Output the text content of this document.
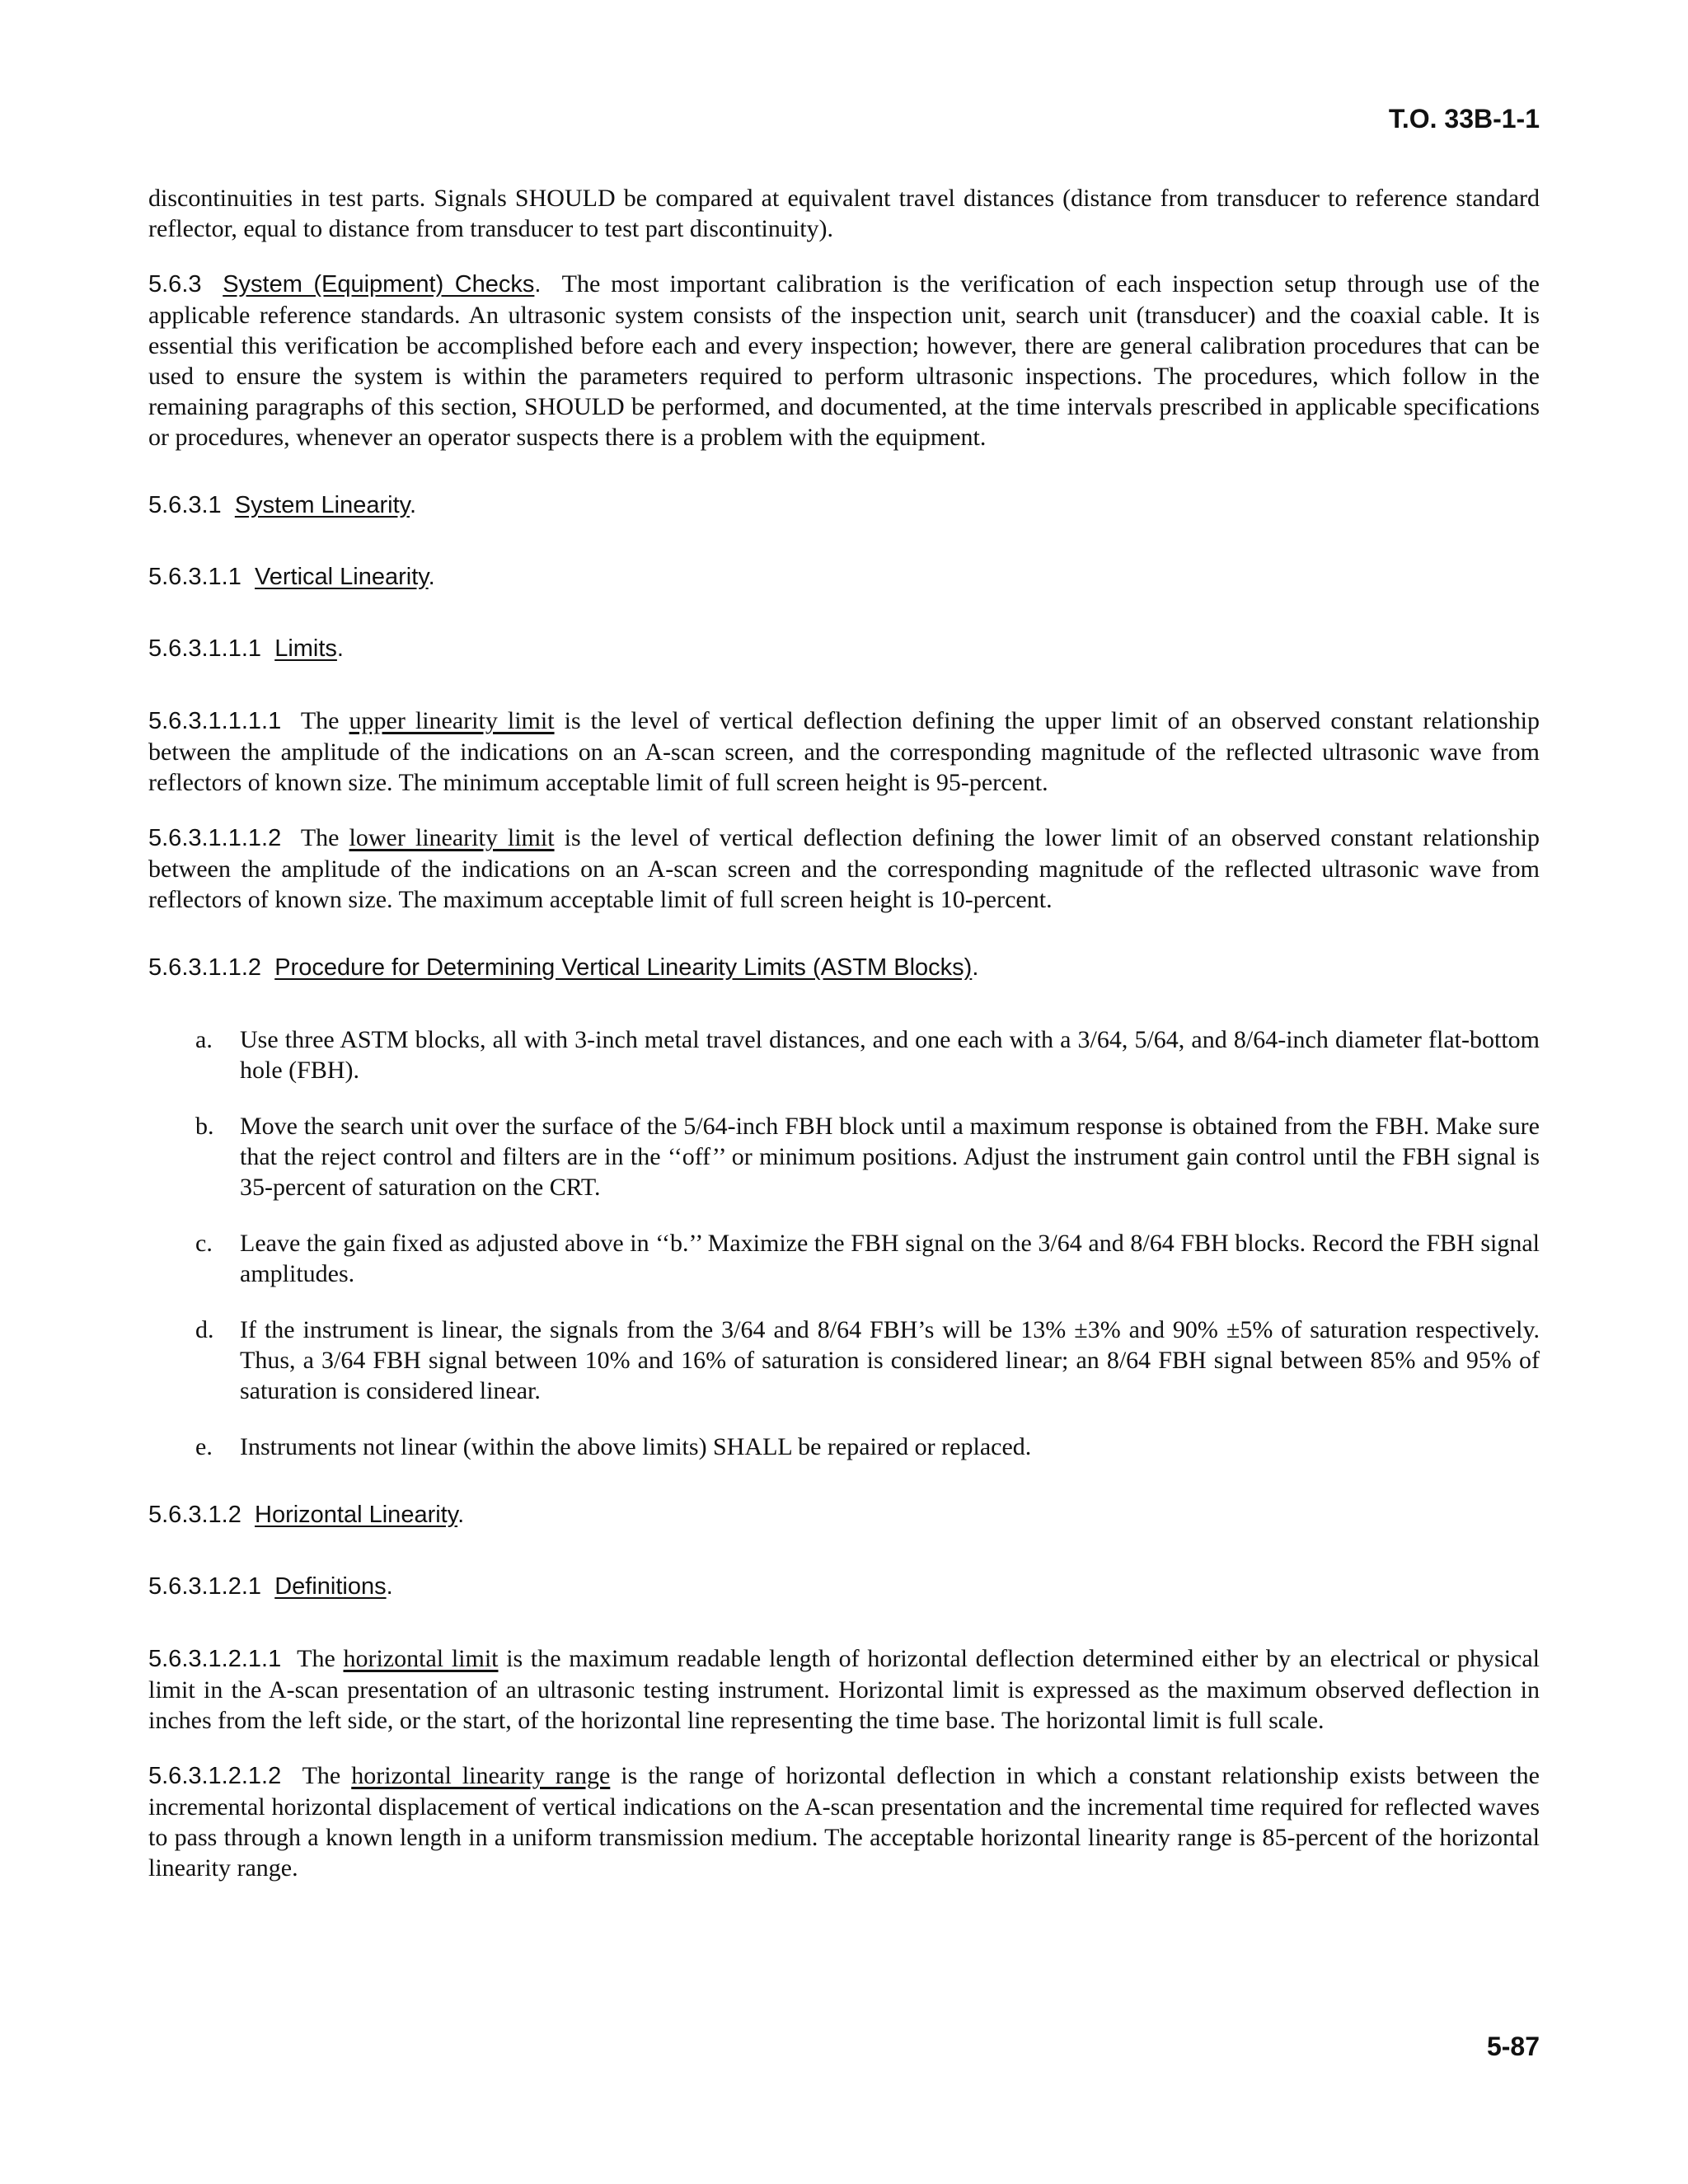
T.O. 33B-1-1

discontinuities in test parts. Signals SHOULD be compared at equivalent travel distances (distance from transducer to reference standard reflector, equal to distance from transducer to test part discontinuity).

5.6.3 System (Equipment) Checks. The most important calibration is the verification of each inspection setup through use of the applicable reference standards. An ultrasonic system consists of the inspection unit, search unit (transducer) and the coaxial cable. It is essential this verification be accomplished before each and every inspection; however, there are general calibration procedures that can be used to ensure the system is within the parameters required to perform ultrasonic inspections. The procedures, which follow in the remaining paragraphs of this section, SHOULD be performed, and documented, at the time intervals prescribed in applicable specifications or procedures, whenever an operator suspects there is a problem with the equipment.

5.6.3.1 System Linearity.
5.6.3.1.1 Vertical Linearity.
5.6.3.1.1.1 Limits.

5.6.3.1.1.1.1 The upper linearity limit is the level of vertical deflection defining the upper limit of an observed constant relationship between the amplitude of the indications on an A-scan screen, and the corresponding magnitude of the reflected ultrasonic wave from reflectors of known size. The minimum acceptable limit of full screen height is 95-percent.

5.6.3.1.1.1.2 The lower linearity limit is the level of vertical deflection defining the lower limit of an observed constant relationship between the amplitude of the indications on an A-scan screen and the corresponding magnitude of the reflected ultrasonic wave from reflectors of known size. The maximum acceptable limit of full screen height is 10-percent.

5.6.3.1.1.2 Procedure for Determining Vertical Linearity Limits (ASTM Blocks).
a. Use three ASTM blocks, all with 3-inch metal travel distances, and one each with a 3/64, 5/64, and 8/64-inch diameter flat-bottom hole (FBH).
b. Move the search unit over the surface of the 5/64-inch FBH block until a maximum response is obtained from the FBH. Make sure that the reject control and filters are in the ‘‘off’’ or minimum positions. Adjust the instrument gain control until the FBH signal is 35-percent of saturation on the CRT.
c. Leave the gain fixed as adjusted above in ‘‘b.’’ Maximize the FBH signal on the 3/64 and 8/64 FBH blocks. Record the FBH signal amplitudes.
d. If the instrument is linear, the signals from the 3/64 and 8/64 FBH’s will be 13% ±3% and 90% ±5% of saturation respectively. Thus, a 3/64 FBH signal between 10% and 16% of saturation is considered linear; an 8/64 FBH signal between 85% and 95% of saturation is considered linear.
e. Instruments not linear (within the above limits) SHALL be repaired or replaced.
5.6.3.1.2 Horizontal Linearity.
5.6.3.1.2.1 Definitions.

5.6.3.1.2.1.1 The horizontal limit is the maximum readable length of horizontal deflection determined either by an electrical or physical limit in the A-scan presentation of an ultrasonic testing instrument. Horizontal limit is expressed as the maximum observed deflection in inches from the left side, or the start, of the horizontal line representing the time base. The horizontal limit is full scale.

5.6.3.1.2.1.2 The horizontal linearity range is the range of horizontal deflection in which a constant relationship exists between the incremental horizontal displacement of vertical indications on the A-scan presentation and the incremental time required for reflected waves to pass through a known length in a uniform transmission medium. The acceptable horizontal linearity range is 85-percent of the horizontal linearity range.

5-87
